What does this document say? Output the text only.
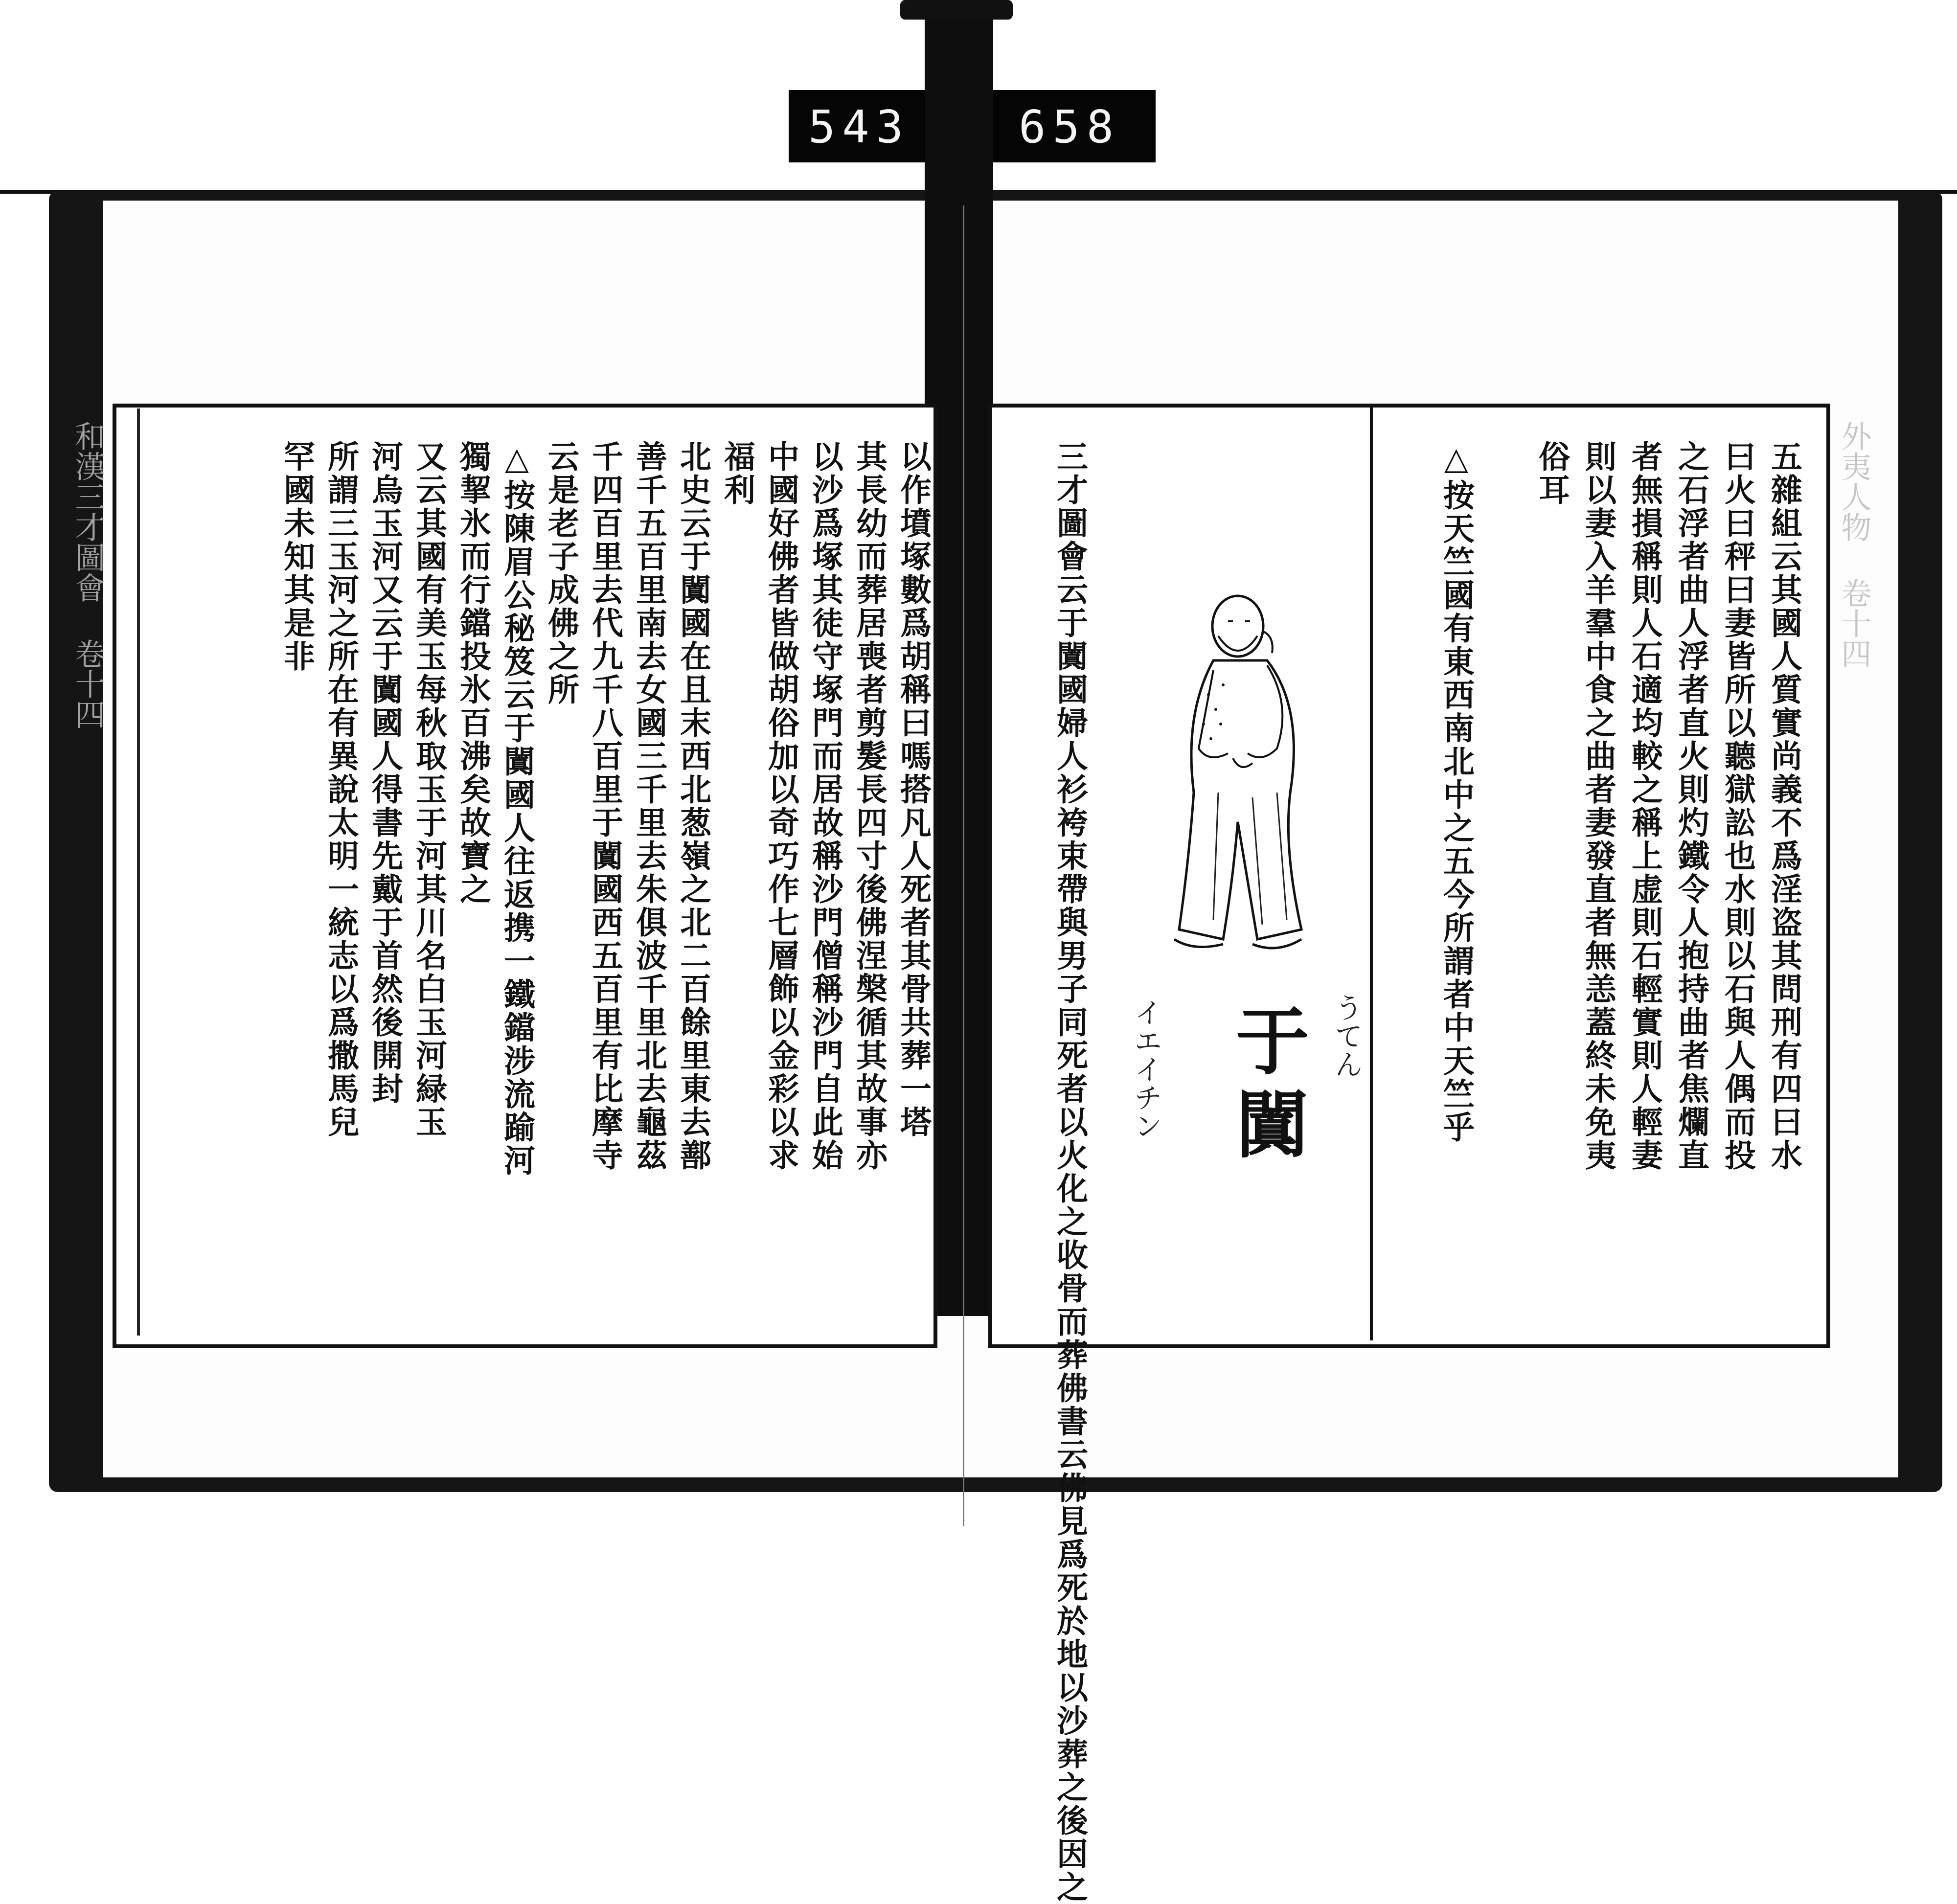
543 658
和漢三才圖會 卷十四	外夷人物 卷十四
五雜組云其國人質實尚義不爲淫盗其問刑有四曰水
曰火曰秤曰妻皆所以聽獄訟也水則以石與人偶而投
之石浮者曲人浮者直火則灼鐵令人抱持曲者焦爛直
者無損稱則人石適均較之稱上虚則石輕實則人輕妻
則以妻入羊羣中食之曲者妻發直者無恙蓋終未免夷
俗耳
△按天竺國有東西南北中之五今所謂者中天竺乎
于闐 うてん
イエイチン
三才圖會云于闐國婦人衫袴束帶與男子同死者以火化之收骨而葬佛書云佛見爲死於地以沙葬之後因之
以作墳塚數爲胡稱曰嗎搭凡人死者其骨共葬一塔
其長幼而葬居喪者剪髮長四寸後佛涅槃循其故事亦
以沙爲塚其徒守塚門而居故稱沙門僧稱沙門自此始
中國好佛者皆做胡俗加以奇巧作七層飾以金彩以求
福利
北史云于闐國在且末西北葱嶺之北二百餘里東去鄯
善千五百里南去女國三千里去朱俱波千里北去龜茲
千四百里去代九千八百里于闐國西五百里有比摩寺
云是老子成佛之所
△按陳眉公秘笈云于闐國人往返携一鐵鐺涉流踰河
獨挈氷而行鐺投氷百沸矣故寶之
又云其國有美玉每秋取玉于河其川名白玉河緑玉
河烏玉河又云于闐國人得書先戴于首然後開封
所謂三玉河之所在有異說太明一統志以爲撒馬兒
罕國未知其是非
